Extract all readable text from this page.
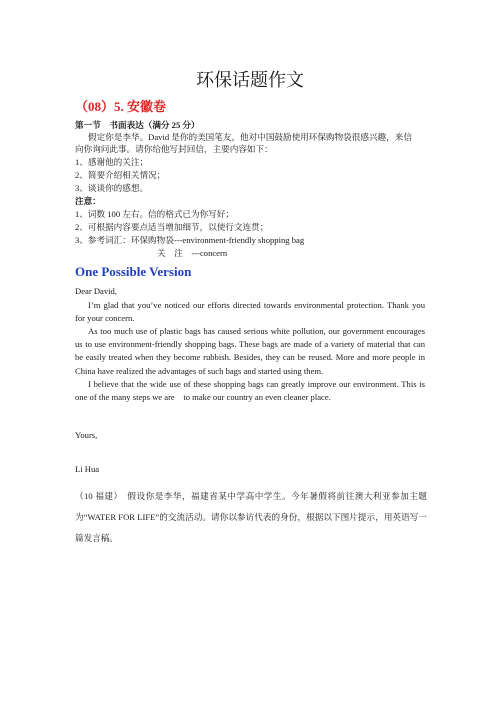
环保话题作文
（08）5. 安徽卷
第一节　书面表达（满分 25 分）
假定你是李华。David 是你的美国笔友，他对中国鼓励使用环保购物袋很感兴趣，来信
向你询问此事。请你给他写封回信，主要内容如下：
1、感谢他的关注；
2、简要介绍相关情况；
3、谈谈你的感想。
注意：
1、词数 100 左右。信的格式已为你写好；
2、可根据内容要点适当增加细节，以使行文连贯；
3、参考词汇：环保购物袋---environment-friendly shopping bag
关　注　---concern
One Possible Version
Dear David,
I’m glad that you’ve noticed our efforts directed towards environmental protection. Thank you for your concern.
As too much use of plastic bags has caused serious white pollution, our government encourages us to use environment-friendly shopping bags. These bags are made of a variety of material that can be easily treated when they become rubbish. Besides, they can be reused. More and more people in China have realized the advantages of such bags and started using them.
I believe that the wide use of these shopping bags can greatly improve our environment. This is one of the many steps we are　to make our country an even cleaner place.
Yours,
Li Hua
（10 福建）　假设你是李华，福建省某中学高中学生。今年暑假将前往澳大利亚参加主题为“WATER FOR LIFE”的交流活动。请你以参访代表的身份，根据以下图片提示，用英语写一篇发言稿。
